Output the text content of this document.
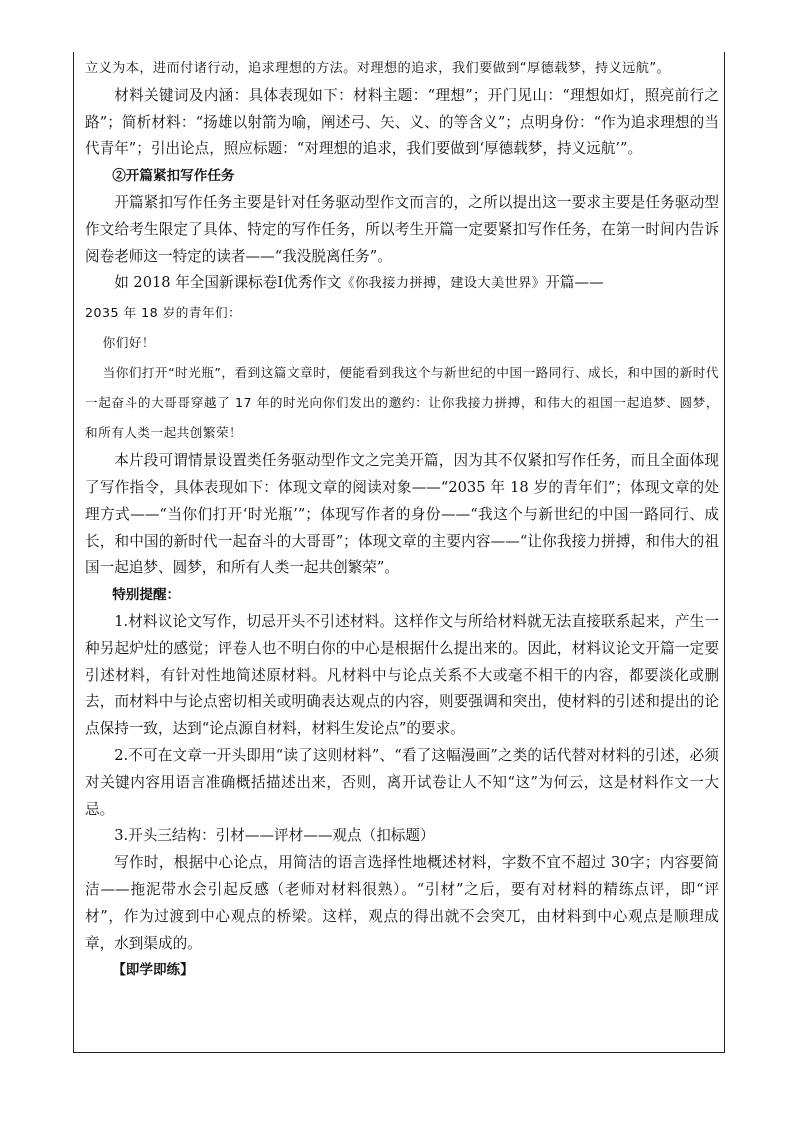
立义为本，进而付诸行动，追求理想的方法。对理想的追求，我们要做到“厚德载梦，持义远航”。

材料关键词及内涵：具体表现如下：材料主题：“理想”；开门见山：“理想如灯，照亮前行之路”；简析材料：“扬雄以射箭为喻，阐述弓、矢、义、的等含义”；点明身份：“作为追求理想的当代青年”；引出论点，照应标题：“对理想的追求，我们要做到‘厚德载梦，持义远航’”。

②开篇紧扣写作任务

开篇紧扣写作任务主要是针对任务驱动型作文而言的，之所以提出这一要求主要是任务驱动型作文给考生限定了具体、特定的写作任务，所以考生开篇一定要紧扣写作任务，在第一时间内告诉阅卷老师这一特定的读者——“我没脱离任务”。

如 2018 年全国新课标卷Ⅰ优秀作文《你我接力拼搏，建设大美世界》开篇——

2035 年 18 岁的青年们：

你们好！

当你们打开“时光瓶”，看到这篇文章时，便能看到我这个与新世纪的中国一路同行、成长，和中国的新时代一起奋斗的大哥哥穿越了 17 年的时光向你们发出的邀约：让你我接力拼搏，和伟大的祖国一起追梦、圆梦，和所有人类一起共创繁荣！

本片段可谓情景设置类任务驱动型作文之完美开篇，因为其不仅紧扣写作任务，而且全面体现了写作指令，具体表现如下：体现文章的阅读对象——“2035 年 18 岁的青年们”；体现文章的处理方式——“当你们打开‘时光瓶’”；体现写作者的身份——“我这个与新世纪的中国一路同行、成长，和中国的新时代一起奋斗的大哥哥”；体现文章的主要内容——“让你我接力拼搏，和伟大的祖国一起追梦、圆梦，和所有人类一起共创繁荣”。

特别提醒：

1.材料议论文写作，切忌开头不引述材料。这样作文与所给材料就无法直接联系起来，产生一种另起炉灶的感觉；评卷人也不明白你的中心是根据什么提出来的。因此，材料议论文开篇一定要引述材料，有针对性地简述原材料。凡材料中与论点关系不大或毫不相干的内容，都要淡化或删去，而材料中与论点密切相关或明确表达观点的内容，则要强调和突出，使材料的引述和提出的论点保持一致，达到“论点源自材料，材料生发论点”的要求。

2.不可在文章一开头即用“读了这则材料”、“看了这幅漫画”之类的话代替对材料的引述，必须对关键内容用语言准确概括描述出来，否则，离开试卷让人不知“这”为何云，这是材料作文一大忌。

3.开头三结构：引材——评材——观点（扣标题）

写作时，根据中心论点，用简洁的语言选择性地概述材料，字数不宜不超过 30字；内容要简洁——拖泥带水会引起反感（老师对材料很熟）。“引材”之后，要有对材料的精练点评，即“评材”，作为过渡到中心观点的桥梁。这样，观点的得出就不会突兀，由材料到中心观点是顺理成章，水到渠成的。

【即学即练】
